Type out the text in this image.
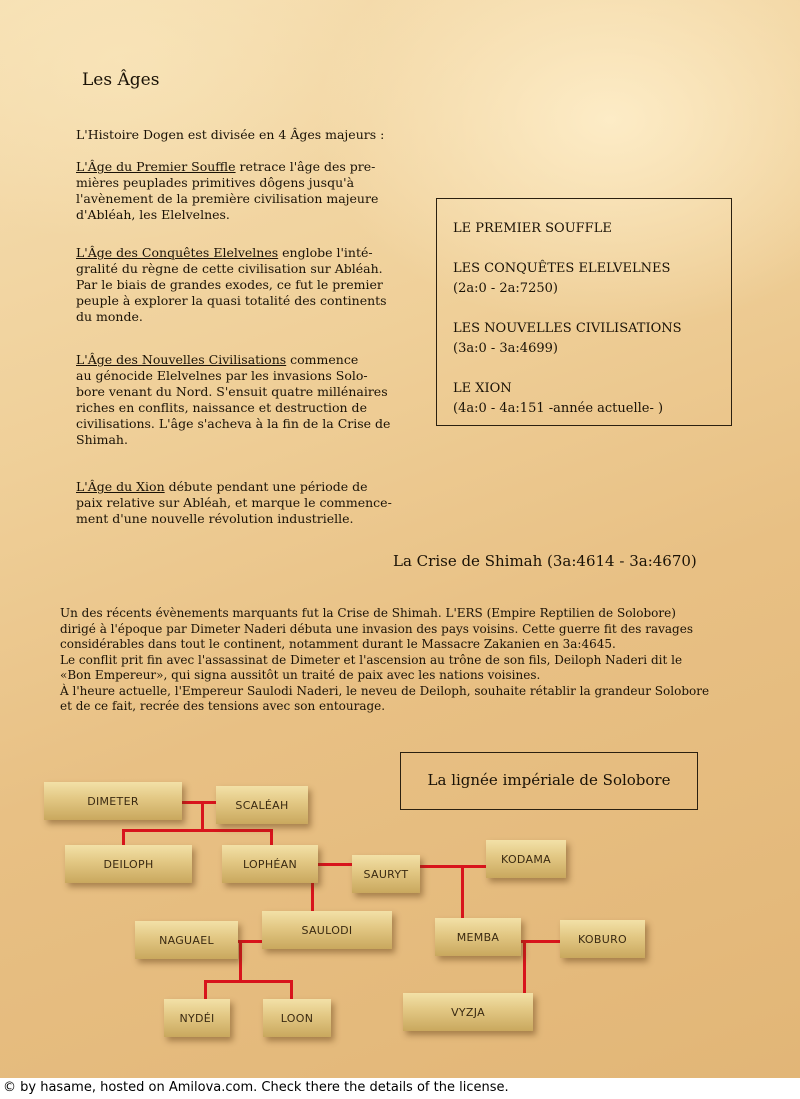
Les Âges
L'Histoire Dogen est divisée en 4 Âges majeurs :

L'Âge du Premier Souffle retrace l'âge des pre-
mières peuplades primitives dôgens jusqu'à
l'avènement de la première civilisation majeure
d'Abléah, les Elelvelnes.

L'Âge des Conquêtes Elelvelnes englobe l'inté-
gralité du règne de cette civilisation sur Abléah.
Par le biais de grandes exodes, ce fut le premier
peuple à explorer la quasi totalité des continents
du monde.

L'Âge des Nouvelles Civilisations commence
au génocide Elelvelnes par les invasions Solo-
bore venant du Nord. S'ensuit quatre millénaires
riches en conflits, naissance et destruction de
civilisations. L'âge s'acheva à la fin de la Crise de
Shimah.

L'Âge du Xion débute pendant une période de
paix relative sur Abléah, et marque le commence-
ment d'une nouvelle révolution industrielle.

LE PREMIER SOUFFLE
LES CONQUÊTES ELELVELNES
(2a:0 - 2a:7250)
LES NOUVELLES CIVILISATIONS
(3a:0 - 3a:4699)
LE XION
(4a:0 - 4a:151 -année actuelle- )
La Crise de Shimah (3a:4614 - 3a:4670)

Un des récents évènements marquants fut la Crise de Shimah. L'ERS (Empire Reptilien de Solobore)
dirigé à l'époque par Dimeter Naderi débuta une invasion des pays voisins. Cette guerre fit des ravages
considérables dans tout le continent, notamment durant le Massacre Zakanien en 3a:4645.
Le conflit prit fin avec l'assassinat de Dimeter et l'ascension au trône de son fils, Deiloph Naderi dit le
«Bon Empereur», qui signa aussitôt un traité de paix avec les nations voisines.
À l'heure actuelle, l'Empereur Saulodi Naderi, le neveu de Deiloph, souhaite rétablir la grandeur Solobore
et de ce fait, recrée des tensions avec son entourage.

La lignée impériale de Solobore
DIMETER	SCALÉAH
DEILOPH	LOPHÉAN
SAURYT
KODAMA
NAGUAEL
SAULODI
MEMBA	KOBURO
NYDÉI	LOON	VYZJA
© by hasame, hosted on Amilova.com. Check there the details of the license.
